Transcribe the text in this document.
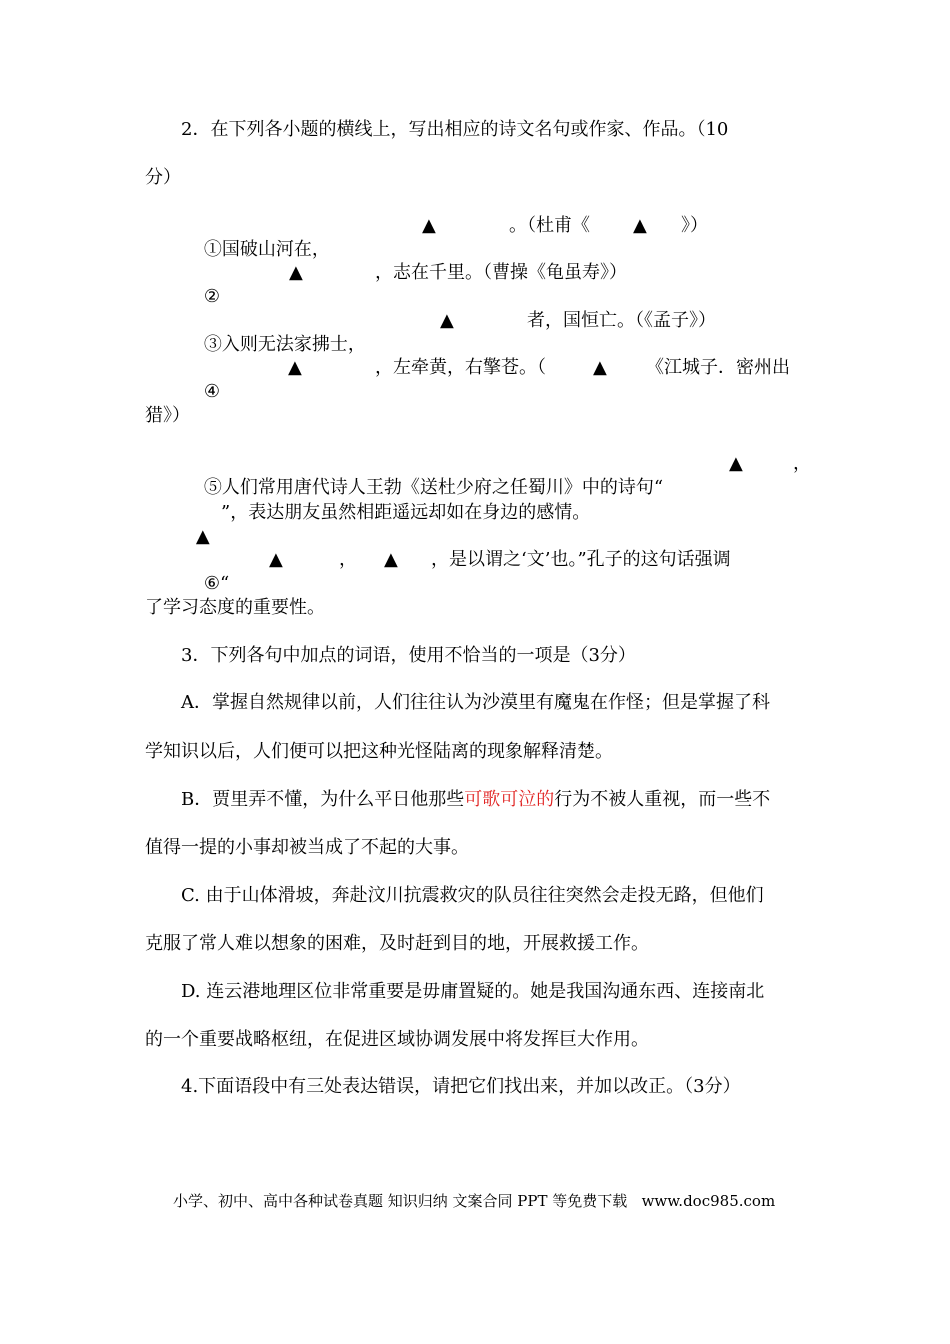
2．在下列各小题的横线上，写出相应的诗文名句或作家、作品。（10
分）

①国破山河在，

▲

	。（杜甫《

▲

》）

②

▲

	，志在千里。（曹操《龟虽寿》）

③入则无法家拂士，

▲

	者，国恒亡。（《孟子》）

④

▲

	，左牵黄，右擎苍。（

	▲

《江城子．密州出

猎》）

⑤人们常用唐代诗人王勃《送杜少府之任蜀川》中的诗句“

▲

	，

▲

”，表达朋友虽然相距遥远却如在身边的感情。

⑥“

▲

	，

▲

，是以谓之‘文’也。”孔子的这句话强调

了学习态度的重要性。
3．下列各句中加点的词语，使用不恰当的一项是（3分）
A．掌握自然规律以前，人们往往认为沙漠里有魔鬼在作怪；但是掌握了科
学知识以后，人们便可以把这种光怪陆离的现象解释清楚。
B．贾里弄不懂，为什么平日他那些可歌可泣的行为不被人重视，而一些不
值得一提的小事却被当成了不起的大事。
C. 由于山体滑坡，奔赴汶川抗震救灾的队员往往突然会走投无路，但他们
克服了常人难以想象的困难，及时赶到目的地，开展救援工作。
D. 连云港地理区位非常重要是毋庸置疑的。她是我国沟通东西、连接南北
的一个重要战略枢纽，在促进区域协调发展中将发挥巨大作用。
4.下面语段中有三处表达错误，请把它们找出来，并加以改正。（3分）
小学、初中、高中各种试卷真题 知识归纳 文案合同 PPT 等免费下载   www.doc985.com
